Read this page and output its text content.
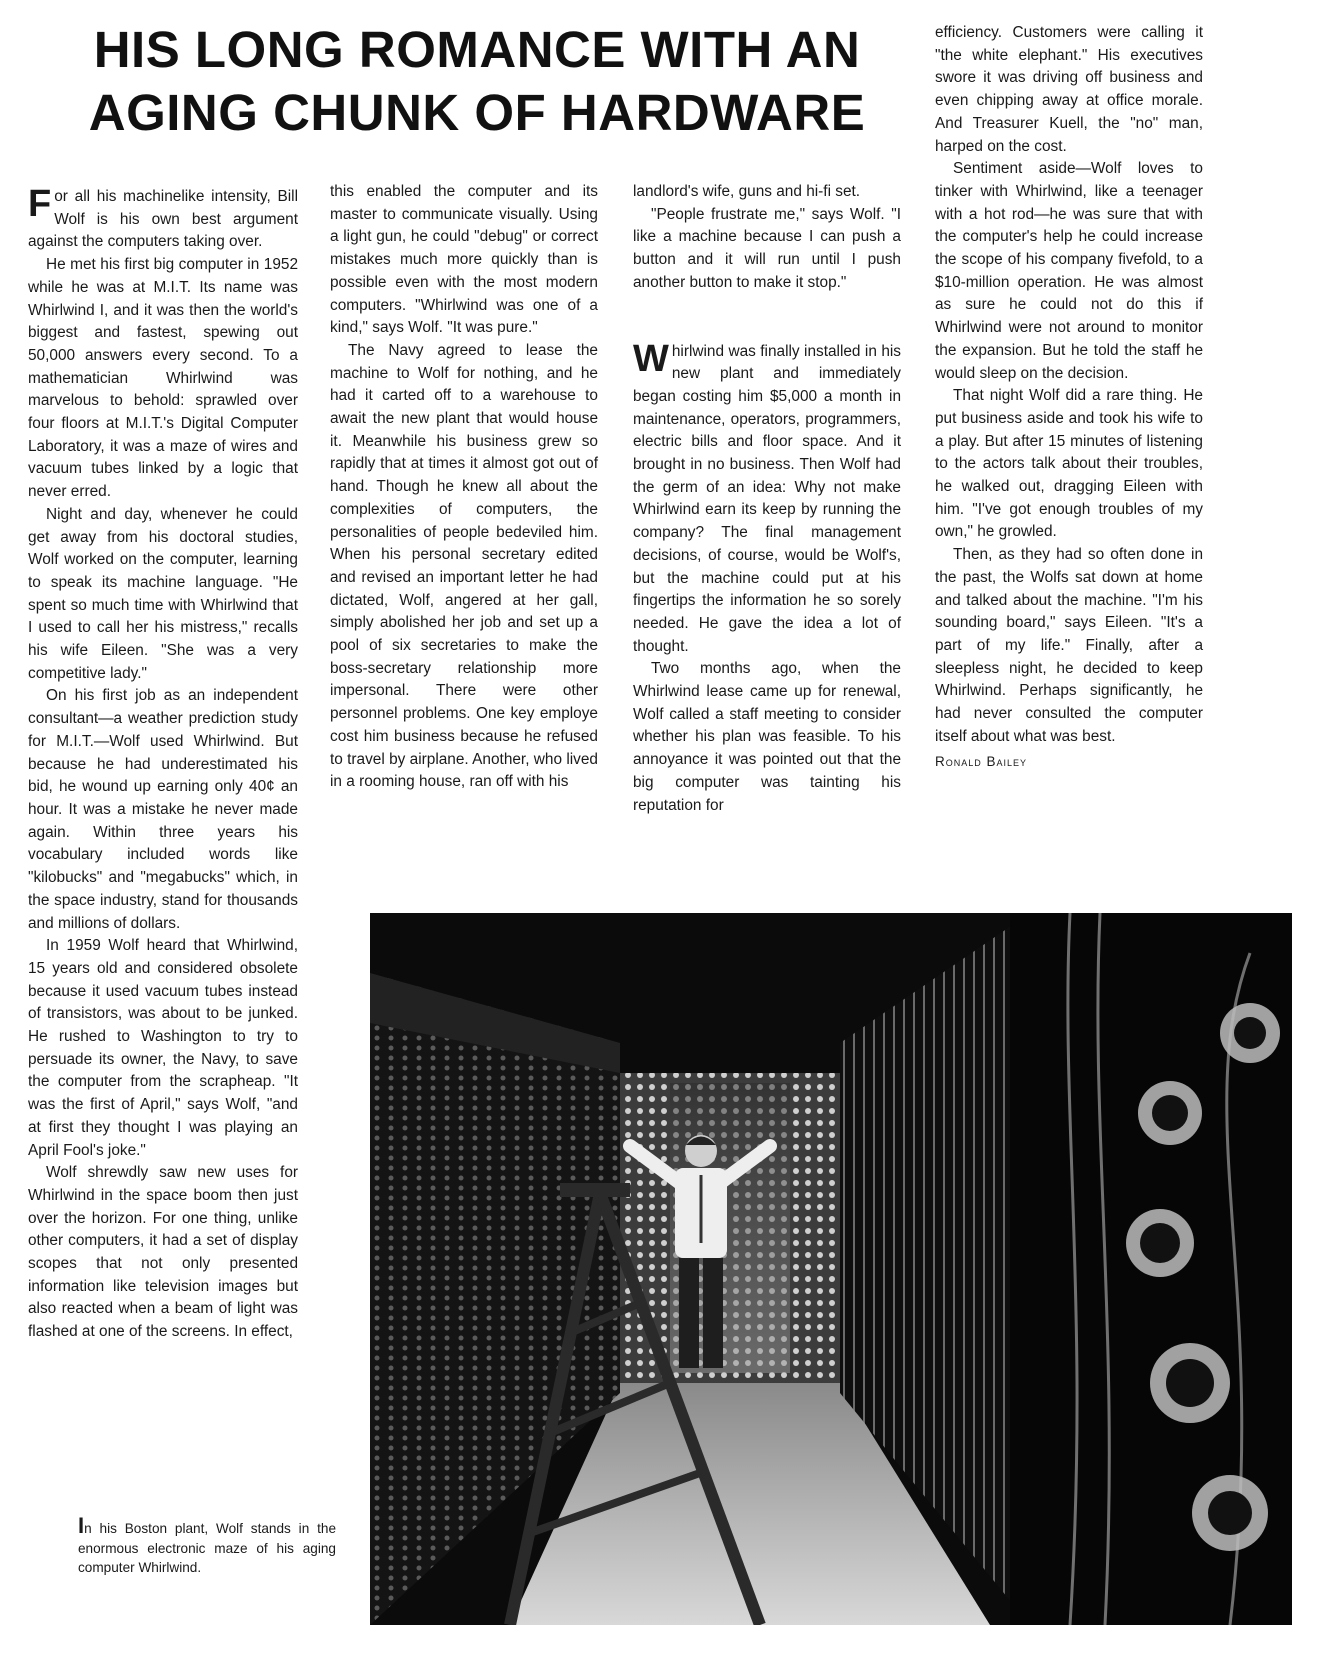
HIS LONG ROMANCE WITH AN AGING CHUNK OF HARDWARE

For all his machinelike intensity, Bill Wolf is his own best argument against the computers taking over.

He met his first big computer in 1952 while he was at M.I.T. Its name was Whirlwind I, and it was then the world's biggest and fastest, spewing out 50,000 answers every second. To a mathematician Whirlwind was marvelous to behold: sprawled over four floors at M.I.T.'s Digital Computer Laboratory, it was a maze of wires and vacuum tubes linked by a logic that never erred.

Night and day, whenever he could get away from his doctoral studies, Wolf worked on the computer, learning to speak its machine language. "He spent so much time with Whirlwind that I used to call her his mistress," recalls his wife Eileen. "She was a very competitive lady."

On his first job as an independent consultant—a weather prediction study for M.I.T.—Wolf used Whirlwind. But because he had underestimated his bid, he wound up earning only 40¢ an hour. It was a mistake he never made again. Within three years his vocabulary included words like "kilobucks" and "megabucks" which, in the space industry, stand for thousands and millions of dollars.

In 1959 Wolf heard that Whirlwind, 15 years old and considered obsolete because it used vacuum tubes instead of transistors, was about to be junked. He rushed to Washington to try to persuade its owner, the Navy, to save the computer from the scrapheap. "It was the first of April," says Wolf, "and at first they thought I was playing an April Fool's joke."

Wolf shrewdly saw new uses for Whirlwind in the space boom then just over the horizon. For one thing, unlike other computers, it had a set of display scopes that not only presented information like television images but also reacted when a beam of light was flashed at one of the screens. In effect,

this enabled the computer and its master to communicate visually. Using a light gun, he could "debug" or correct mistakes much more quickly than is possible even with the most modern computers. "Whirlwind was one of a kind," says Wolf. "It was pure."

The Navy agreed to lease the machine to Wolf for nothing, and he had it carted off to a warehouse to await the new plant that would house it. Meanwhile his business grew so rapidly that at times it almost got out of hand. Though he knew all about the complexities of computers, the personalities of people bedeviled him. When his personal secretary edited and revised an important letter he had dictated, Wolf, angered at her gall, simply abolished her job and set up a pool of six secretaries to make the boss-secretary relationship more impersonal. There were other personnel problems. One key employe cost him business because he refused to travel by airplane. Another, who lived in a rooming house, ran off with his

landlord's wife, guns and hi-fi set.

"People frustrate me," says Wolf. "I like a machine because I can push a button and it will run until I push another button to make it stop."

Whirlwind was finally installed in his new plant and immediately began costing him $5,000 a month in maintenance, operators, programmers, electric bills and floor space. And it brought in no business. Then Wolf had the germ of an idea: Why not make Whirlwind earn its keep by running the company? The final management decisions, of course, would be Wolf's, but the machine could put at his fingertips the information he so sorely needed. He gave the idea a lot of thought.

Two months ago, when the Whirlwind lease came up for renewal, Wolf called a staff meeting to consider whether his plan was feasible. To his annoyance it was pointed out that the big computer was tainting his reputation for

efficiency. Customers were calling it "the white elephant." His executives swore it was driving off business and even chipping away at office morale. And Treasurer Kuell, the "no" man, harped on the cost.

Sentiment aside—Wolf loves to tinker with Whirlwind, like a teenager with a hot rod—he was sure that with the computer's help he could increase the scope of his company fivefold, to a $10-million operation. He was almost as sure he could not do this if Whirlwind were not around to monitor the expansion. But he told the staff he would sleep on the decision.

That night Wolf did a rare thing. He put business aside and took his wife to a play. But after 15 minutes of listening to the actors talk about their troubles, he walked out, dragging Eileen with him. "I've got enough troubles of my own," he growled.

Then, as they had so often done in the past, the Wolfs sat down at home and talked about the machine. "I'm his sounding board," says Eileen. "It's a part of my life." Finally, after a sleepless night, he decided to keep Whirlwind. Perhaps significantly, he had never consulted the computer itself about what was best.

Ronald Bailey
In his Boston plant, Wolf stands in the enormous electronic maze of his aging computer Whirlwind.
